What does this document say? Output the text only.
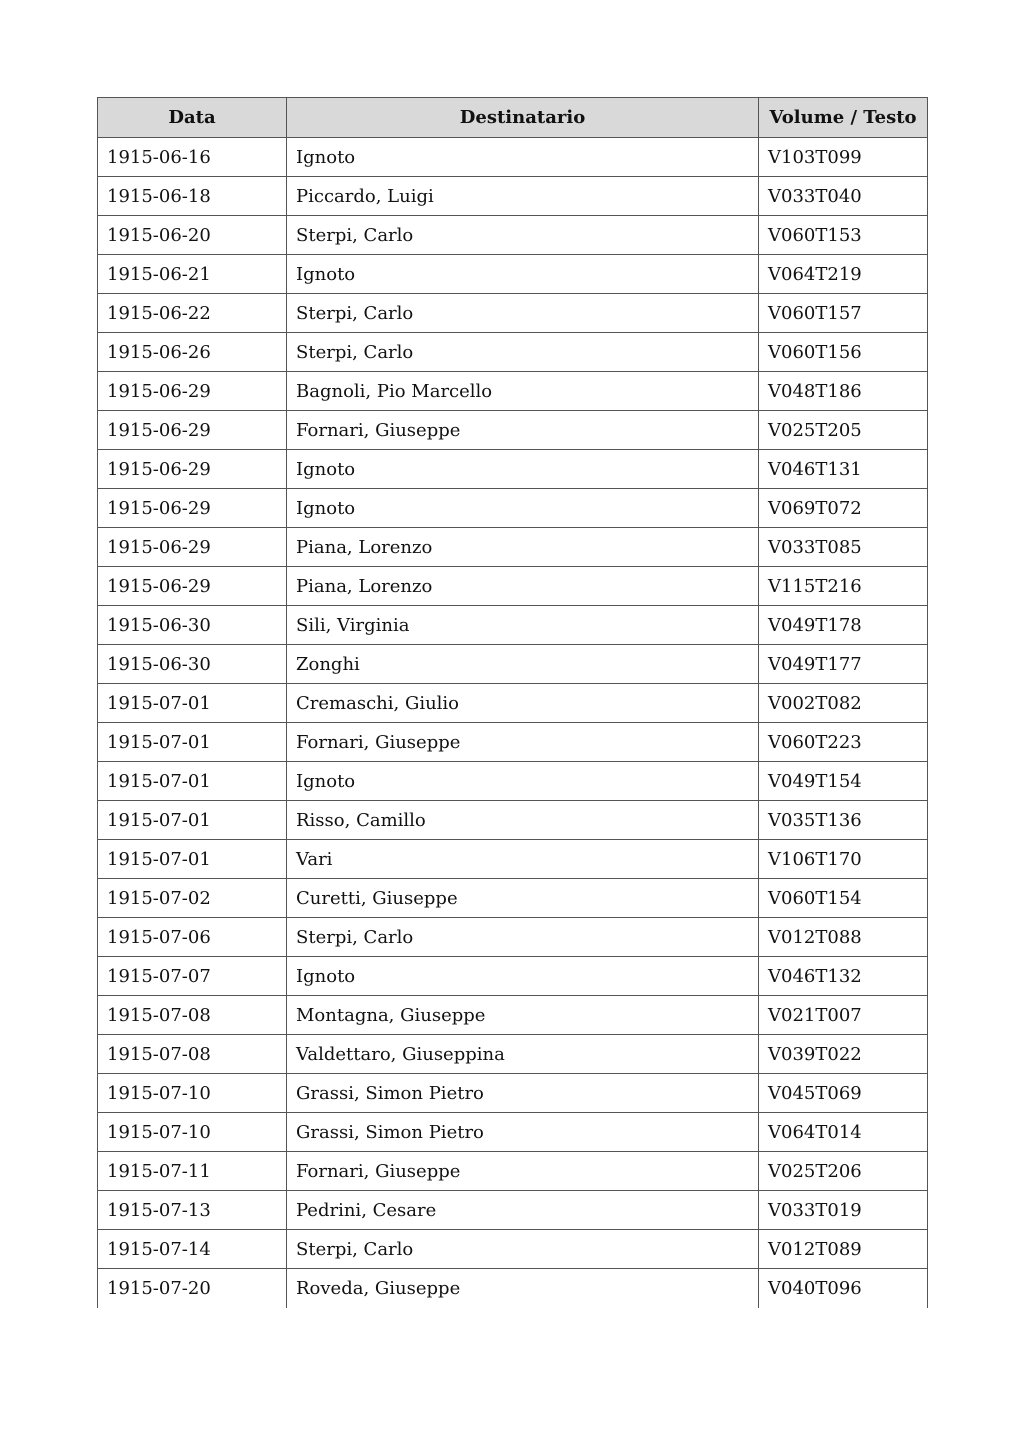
Data	Destinatario	Volume / Testo
1915-06-16	Ignoto	V103T099
1915-06-18	Piccardo, Luigi	V033T040
1915-06-20	Sterpi, Carlo	V060T153
1915-06-21	Ignoto	V064T219
1915-06-22	Sterpi, Carlo	V060T157
1915-06-26	Sterpi, Carlo	V060T156
1915-06-29	Bagnoli, Pio Marcello	V048T186
1915-06-29	Fornari, Giuseppe	V025T205
1915-06-29	Ignoto	V046T131
1915-06-29	Ignoto	V069T072
1915-06-29	Piana, Lorenzo	V033T085
1915-06-29	Piana, Lorenzo	V115T216
1915-06-30	Sili, Virginia	V049T178
1915-06-30	Zonghi	V049T177
1915-07-01	Cremaschi, Giulio	V002T082
1915-07-01	Fornari, Giuseppe	V060T223
1915-07-01	Ignoto	V049T154
1915-07-01	Risso, Camillo	V035T136
1915-07-01	Vari	V106T170
1915-07-02	Curetti, Giuseppe	V060T154
1915-07-06	Sterpi, Carlo	V012T088
1915-07-07	Ignoto	V046T132
1915-07-08	Montagna, Giuseppe	V021T007
1915-07-08	Valdettaro, Giuseppina	V039T022
1915-07-10	Grassi, Simon Pietro	V045T069
1915-07-10	Grassi, Simon Pietro	V064T014
1915-07-11	Fornari, Giuseppe	V025T206
1915-07-13	Pedrini, Cesare	V033T019
1915-07-14	Sterpi, Carlo	V012T089
1915-07-20	Roveda, Giuseppe	V040T096
